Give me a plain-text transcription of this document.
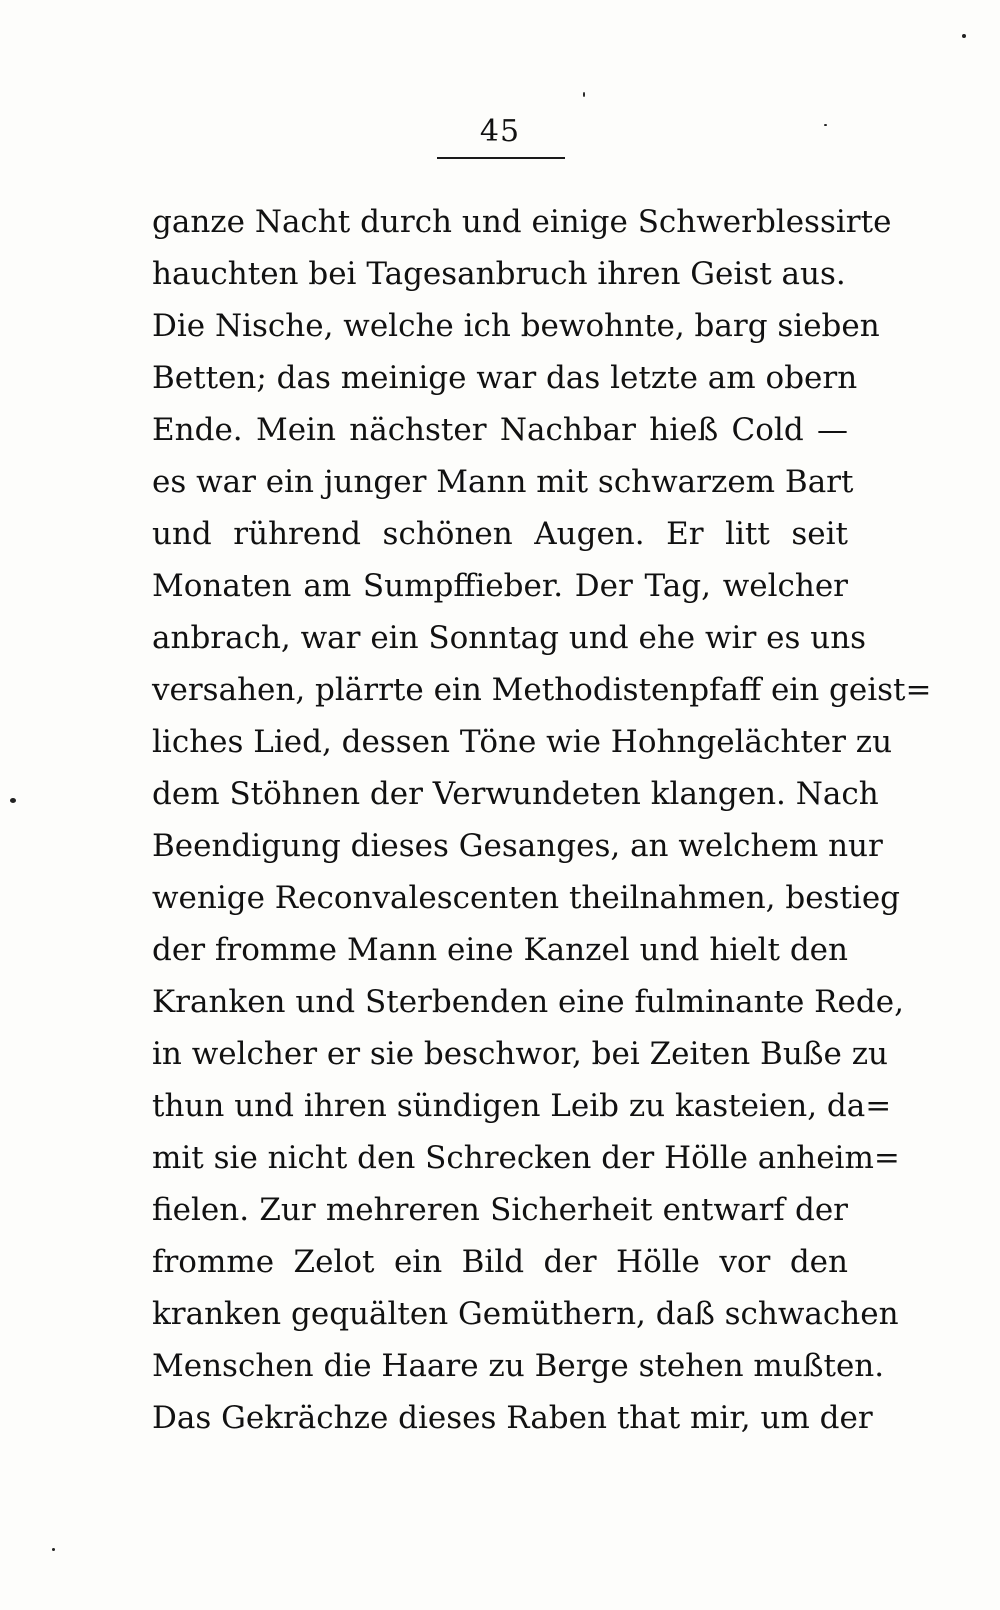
45
ganze Nacht durch und einige Schwerblessirte
hauchten bei Tagesanbruch ihren Geist aus.
Die Nische, welche ich bewohnte, barg sieben
Betten; das meinige war das letzte am obern
Ende. Mein nächster Nachbar hieß Cold —
es war ein junger Mann mit schwarzem Bart
und rührend schönen Augen. Er litt seit
Monaten am Sumpffieber. Der Tag, welcher
anbrach, war ein Sonntag und ehe wir es uns
versahen, plärrte ein Methodistenpfaff ein geist=
liches Lied, dessen Töne wie Hohngelächter zu
dem Stöhnen der Verwundeten klangen. Nach
Beendigung dieses Gesanges, an welchem nur
wenige Reconvalescenten theilnahmen, bestieg
der fromme Mann eine Kanzel und hielt den
Kranken und Sterbenden eine fulminante Rede,
in welcher er sie beschwor, bei Zeiten Buße zu
thun und ihren sündigen Leib zu kasteien, da=
mit sie nicht den Schrecken der Hölle anheim=
fielen. Zur mehreren Sicherheit entwarf der
fromme Zelot ein Bild der Hölle vor den
kranken gequälten Gemüthern, daß schwachen
Menschen die Haare zu Berge stehen mußten.
Das Gekrächze dieses Raben that mir, um der
